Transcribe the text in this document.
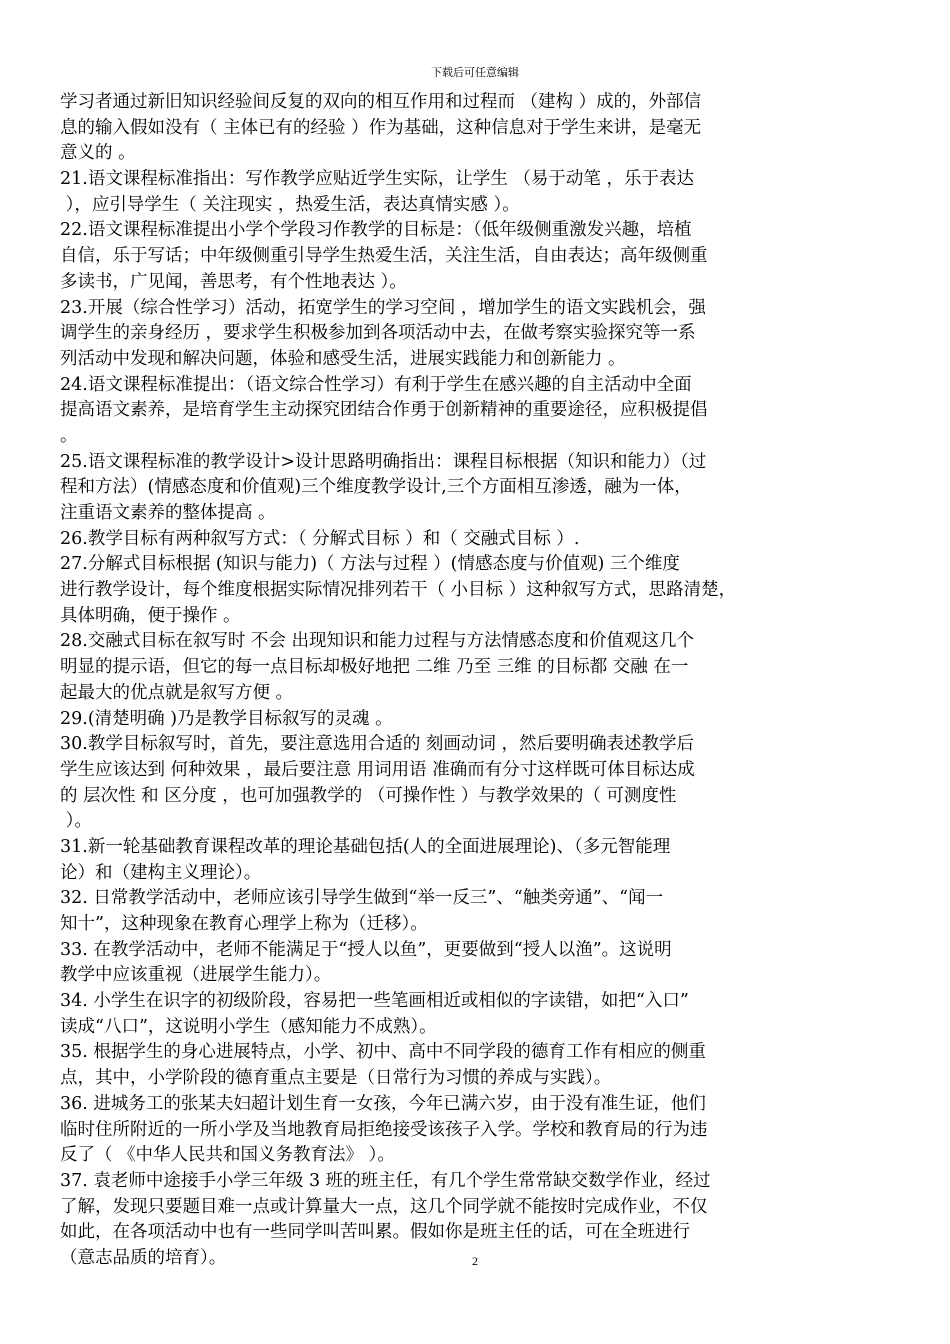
下载后可任意编辑
学习者通过新旧知识经验间反复的双向的相互作用和过程而 （建构 ）成的，外部信
息的输入假如没有（ 主体已有的经验 ）作为基础，这种信息对于学生来讲，是毫无
意义的 。
21.语文课程标准指出：写作教学应贴近学生实际，让学生 （易于动笔 ，乐于表达
），应引导学生（ 关注现实 ，热爱生活，表达真情实感 ）。
22.语文课程标准提出小学个学段习作教学的目标是：（低年级侧重激发兴趣，培植
自信，乐于写话；中年级侧重引导学生热爱生活，关注生活，自由表达；高年级侧重
多读书，广见闻，善思考，有个性地表达 ）。
23.开展（综合性学习）活动，拓宽学生的学习空间 ，增加学生的语文实践机会，强
调学生的亲身经历 ，要求学生积极参加到各项活动中去，在做考察实验探究等一系
列活动中发现和解决问题，体验和感受生活，进展实践能力和创新能力 。
24.语文课程标准提出：（语文综合性学习）有利于学生在感兴趣的自主活动中全面
提高语文素养，是培育学生主动探究团结合作勇于创新精神的重要途径，应积极提倡
。
25.语文课程标准的教学设计>设计思路明确指出：课程目标根据（知识和能力）（过
程和方法）(情感态度和价值观)三个维度教学设计,三个方面相互渗透，融为一体，
注重语文素养的整体提高 。
26.教学目标有两种叙写方式：（ 分解式目标 ）和（ 交融式目标 ）.
27.分解式目标根据 (知识与能力)（ 方法与过程 ）(情感态度与价值观) 三个维度
进行教学设计，每个维度根据实际情况排列若干（ 小目标 ）这种叙写方式，思路清楚，
具体明确，便于操作 。
28.交融式目标在叙写时 不会 出现知识和能力过程与方法情感态度和价值观这几个
明显的提示语，但它的每一点目标却极好地把 二维 乃至 三维 的目标都 交融 在一
起最大的优点就是叙写方便 。
29.(清楚明确 )乃是教学目标叙写的灵魂 。
30.教学目标叙写时，首先，要注意选用合适的 刻画动词 ，然后要明确表述教学后
学生应该达到 何种效果 ，最后要注意 用词用语 准确而有分寸这样既可体目标达成
的 层次性 和 区分度 ，也可加强教学的 （可操作性 ）与教学效果的（ 可测度性
）。
31.新一轮基础教育课程改革的理论基础包括(人的全面进展理论)、（多元智能理
论）和（建构主义理论）。
32. 日常教学活动中，老师应该引导学生做到“举一反三”、“触类旁通”、“闻一
知十”，这种现象在教育心理学上称为（迁移）。
33. 在教学活动中，老师不能满足于“授人以鱼”，更要做到“授人以渔”。这说明
教学中应该重视（进展学生能力）。
34. 小学生在识字的初级阶段，容易把一些笔画相近或相似的字读错，如把“入口”
读成“八口”，这说明小学生（感知能力不成熟）。
35. 根据学生的身心进展特点，小学、初中、高中不同学段的德育工作有相应的侧重
点，其中，小学阶段的德育重点主要是（日常行为习惯的养成与实践）。
36. 进城务工的张某夫妇超计划生育一女孩，今年已满六岁，由于没有准生证，他们
临时住所附近的一所小学及当地教育局拒绝接受该孩子入学。学校和教育局的行为违
反了（ 《中华人民共和国义务教育法》 ）。
37. 袁老师中途接手小学三年级 3 班的班主任，有几个学生常常缺交数学作业，经过
了解，发现只要题目难一点或计算量大一点，这几个同学就不能按时完成作业，不仅
如此，在各项活动中也有一些同学叫苦叫累。假如你是班主任的话，可在全班进行
（意志品质的培育）。	2
